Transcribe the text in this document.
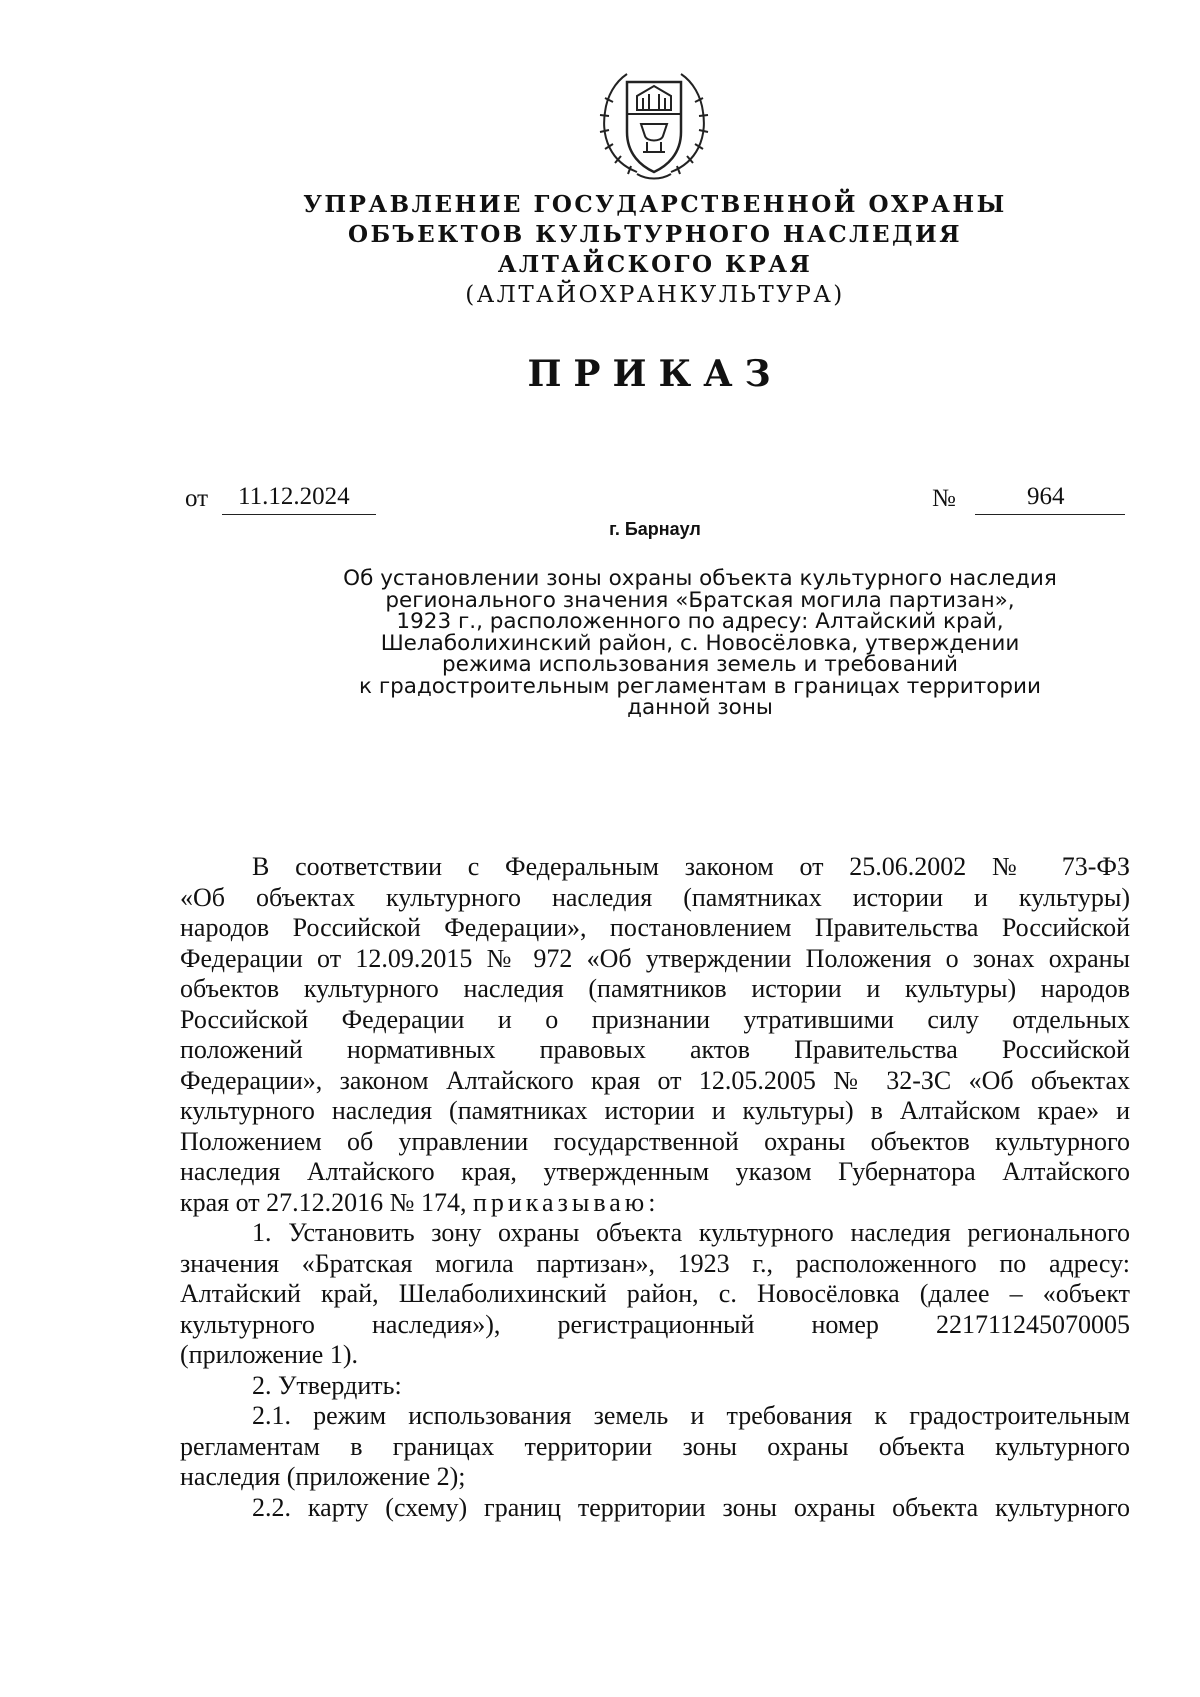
УПРАВЛЕНИЕ ГОСУДАРСТВЕННОЙ ОХРАНЫ
ОБЪЕКТОВ КУЛЬТУРНОГО НАСЛЕДИЯ
АЛТАЙСКОГО КРАЯ
(АЛТАЙОХРАНКУЛЬТУРА)
ПРИКАЗ
от 11.12.2024	№	964
г. Барнаул
Об установлении зоны охраны объекта культурного наследия
регионального значения «Братская могила партизан»,
1923 г., расположенного по адресу: Алтайский край,
Шелаболихинский район, с. Новосёловка, утверждении
режима использования земель и требований
к градостроительным регламентам в границах территории
данной зоны

В соответствии с Федеральным законом от 25.06.2002 № 73-ФЗ

«Об объектах культурного наследия (памятниках истории и культуры)

народов Российской Федерации», постановлением Правительства Российской

Федерации от 12.09.2015 № 972 «Об утверждении Положения о зонах охраны

объектов культурного наследия (памятников истории и культуры) народов

Российской Федерации и о признании утратившими силу отдельных

положений нормативных правовых актов Правительства Российской

Федерации», законом Алтайского края от 12.05.2005 № 32-ЗС «Об объектах

культурного наследия (памятниках истории и культуры) в Алтайском крае» и

Положением об управлении государственной охраны объектов культурного

наследия Алтайского края, утвержденным указом Губернатора Алтайского

края от 27.12.2016 № 174, приказываю:

1. Установить зону охраны объекта культурного наследия регионального

значения «Братская могила партизан», 1923 г., расположенного по адресу:

Алтайский край, Шелаболихинский район, с. Новосёловка (далее – «объект

культурного наследия»), регистрационный номер 221711245070005

(приложение 1).

2. Утвердить:

2.1. режим использования земель и требования к градостроительным

регламентам в границах территории зоны охраны объекта культурного

наследия (приложение 2);

2.2. карту (схему) границ территории зоны охраны объекта культурного
